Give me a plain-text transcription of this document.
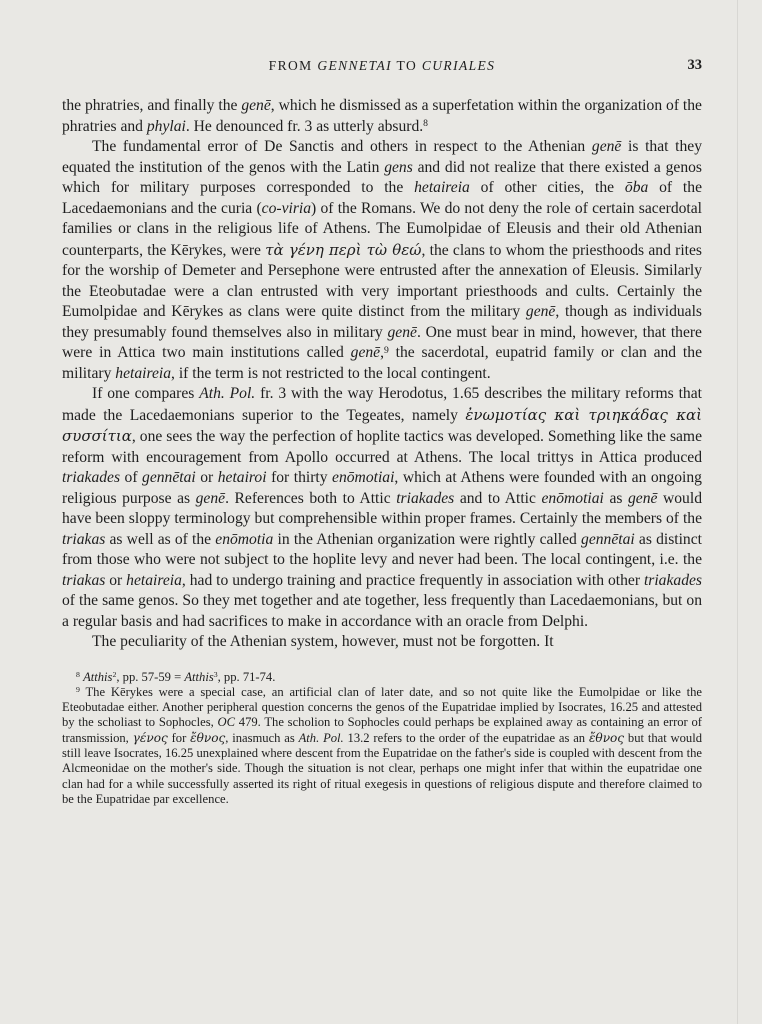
FROM GENNETAI TO CURIALES	33

the phratries, and finally the genē, which he dismissed as a superfetation within the organization of the phratries and phylai. He denounced fr. 3 as utterly absurd.$^8$

The fundamental error of De Sanctis and others in respect to the Athenian genē is that they equated the institution of the genos with the Latin gens and did not realize that there existed a genos which for military purposes corresponded to the hetaireia of other cities, the ōba of the Lacedaemonians and the curia (co-viria) of the Romans. We do not deny the role of certain sacerdotal families or clans in the religious life of Athens. The Eumolpidae of Eleusis and their old Athenian counterparts, the Kērykes, were τὰ γένη περὶ τὼ θεώ, the clans to whom the priesthoods and rites for the worship of Demeter and Persephone were entrusted after the annexation of Eleusis. Similarly the Eteobutadae were a clan entrusted with very important priesthoods and cults. Certainly the Eumolpidae and Kērykes as clans were quite distinct from the military genē, though as individuals they presumably found themselves also in military genē. One must bear in mind, however, that there were in Attica two main institutions called genē,$^9$ the sacerdotal, eupatrid family or clan and the military hetaireia, if the term is not restricted to the local contingent.

If one compares Ath. Pol. fr. 3 with the way Herodotus, 1.65 describes the military reforms that made the Lacedaemonians superior to the Tegeates, namely ἐνωμοτίας καὶ τριηκάδας καὶ συσσίτια, one sees the way the perfection of hoplite tactics was developed. Something like the same reform with encouragement from Apollo occurred at Athens. The local trittys in Attica produced triakades of gennētai or hetairoi for thirty enōmotiai, which at Athens were founded with an ongoing religious purpose as genē. References both to Attic triakades and to Attic enōmotiai as genē would have been sloppy terminology but comprehensible within proper frames. Certainly the members of the triakas as well as of the enōmotia in the Athenian organization were rightly called gennētai as distinct from those who were not subject to the hoplite levy and never had been. The local contingent, i.e. the triakas or hetaireia, had to undergo training and practice frequently in association with other triakades of the same genos. So they met together and ate together, less frequently than Lacedaemonians, but on a regular basis and had sacrifices to make in accordance with an oracle from Delphi.

The peculiarity of the Athenian system, however, must not be forgotten. It

$^8$ Atthis$^2$, pp. 57-59 = Atthis$^3$, pp. 71-74.

$^9$ The Kērykes were a special case, an artificial clan of later date, and so not quite like the Eumolpidae or like the Eteobutadae either. Another peripheral question concerns the genos of the Eupatridae implied by Isocrates, 16.25 and attested by the scholiast to Sophocles, OC 479. The scholion to Sophocles could perhaps be explained away as containing an error of transmission, γένος for ἔθνος, inasmuch as Ath. Pol. 13.2 refers to the order of the eupatridae as an ἔθνος but that would still leave Isocrates, 16.25 unexplained where descent from the Eupatridae on the father's side is coupled with descent from the Alcmeonidae on the mother's side. Though the situation is not clear, perhaps one might infer that within the eupatridae one clan had for a while successfully asserted its right of ritual exegesis in questions of religious dispute and therefore claimed to be the Eupatridae par excellence.
